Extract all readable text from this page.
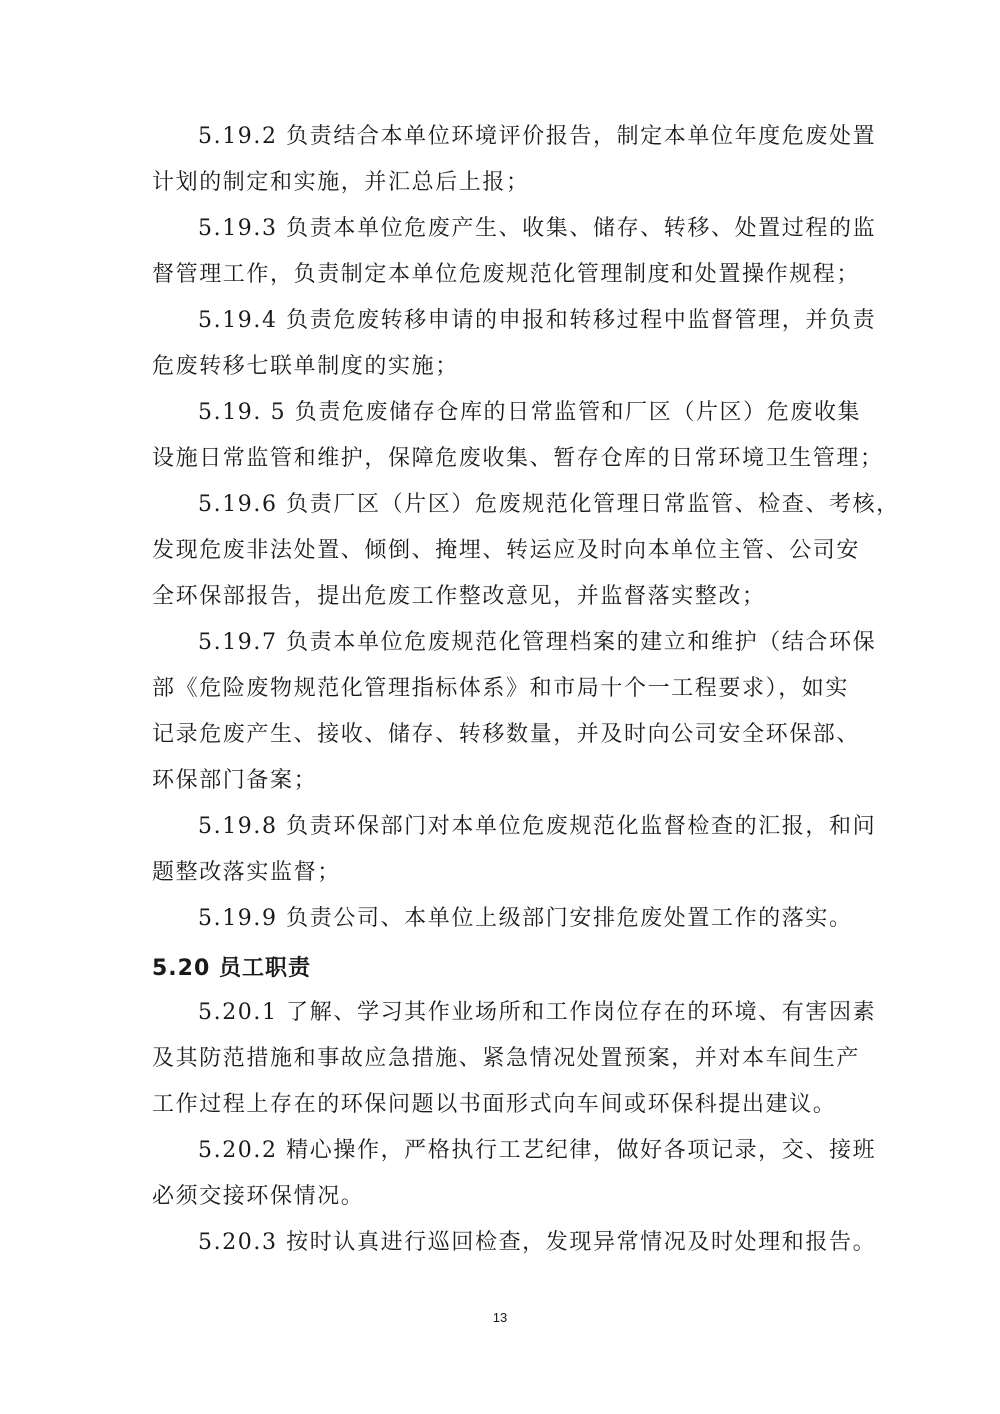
5.19.2 负责结合本单位环境评价报告，制定本单位年度危废处置
计划的制定和实施，并汇总后上报；
5.19.3 负责本单位危废产生、收集、储存、转移、处置过程的监
督管理工作，负责制定本单位危废规范化管理制度和处置操作规程；
5.19.4 负责危废转移申请的申报和转移过程中监督管理，并负责
危废转移七联单制度的实施；
5.19. 5 负责危废储存仓库的日常监管和厂区（片区）危废收集
设施日常监管和维护，保障危废收集、暂存仓库的日常环境卫生管理；
5.19.6 负责厂区（片区）危废规范化管理日常监管、检查、考核，
发现危废非法处置、倾倒、掩埋、转运应及时向本单位主管、公司安
全环保部报告，提出危废工作整改意见，并监督落实整改；
5.19.7 负责本单位危废规范化管理档案的建立和维护（结合环保
部《危险废物规范化管理指标体系》和市局十个一工程要求），如实
记录危废产生、接收、储存、转移数量，并及时向公司安全环保部、
环保部门备案；
5.19.8 负责环保部门对本单位危废规范化监督检查的汇报，和问
题整改落实监督；
5.19.9 负责公司、本单位上级部门安排危废处置工作的落实。
5.20 员工职责
5.20.1 了解、学习其作业场所和工作岗位存在的环境、有害因素
及其防范措施和事故应急措施、紧急情况处置预案，并对本车间生产
工作过程上存在的环保问题以书面形式向车间或环保科提出建议。
5.20.2 精心操作，严格执行工艺纪律，做好各项记录，交、接班
必须交接环保情况。
5.20.3 按时认真进行巡回检查，发现异常情况及时处理和报告。
13
